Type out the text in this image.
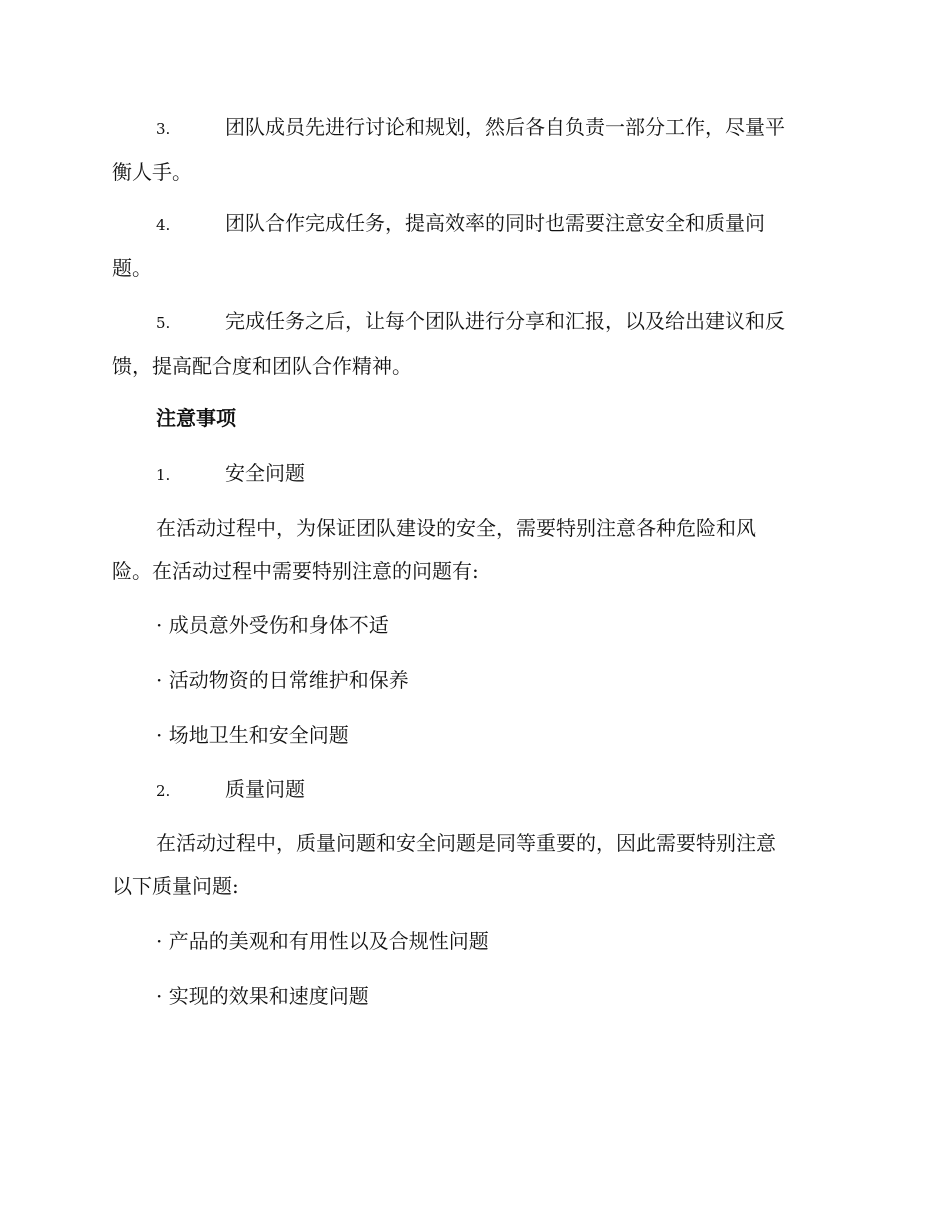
3.	团队成员先进行讨论和规划，然后各自负责一部分工作，尽量平
衡人手。
4.	团队合作完成任务，提高效率的同时也需要注意安全和质量问
题。
5.	完成任务之后，让每个团队进行分享和汇报，以及给出建议和反
馈，提高配合度和团队合作精神。
注意事项
1.	安全问题
在活动过程中，为保证团队建设的安全，需要特别注意各种危险和风
险。在活动过程中需要特别注意的问题有:
· 成员意外受伤和身体不适
· 活动物资的日常维护和保养
· 场地卫生和安全问题
2.	质量问题
在活动过程中，质量问题和安全问题是同等重要的，因此需要特别注意
以下质量问题:
· 产品的美观和有用性以及合规性问题
· 实现的效果和速度问题
